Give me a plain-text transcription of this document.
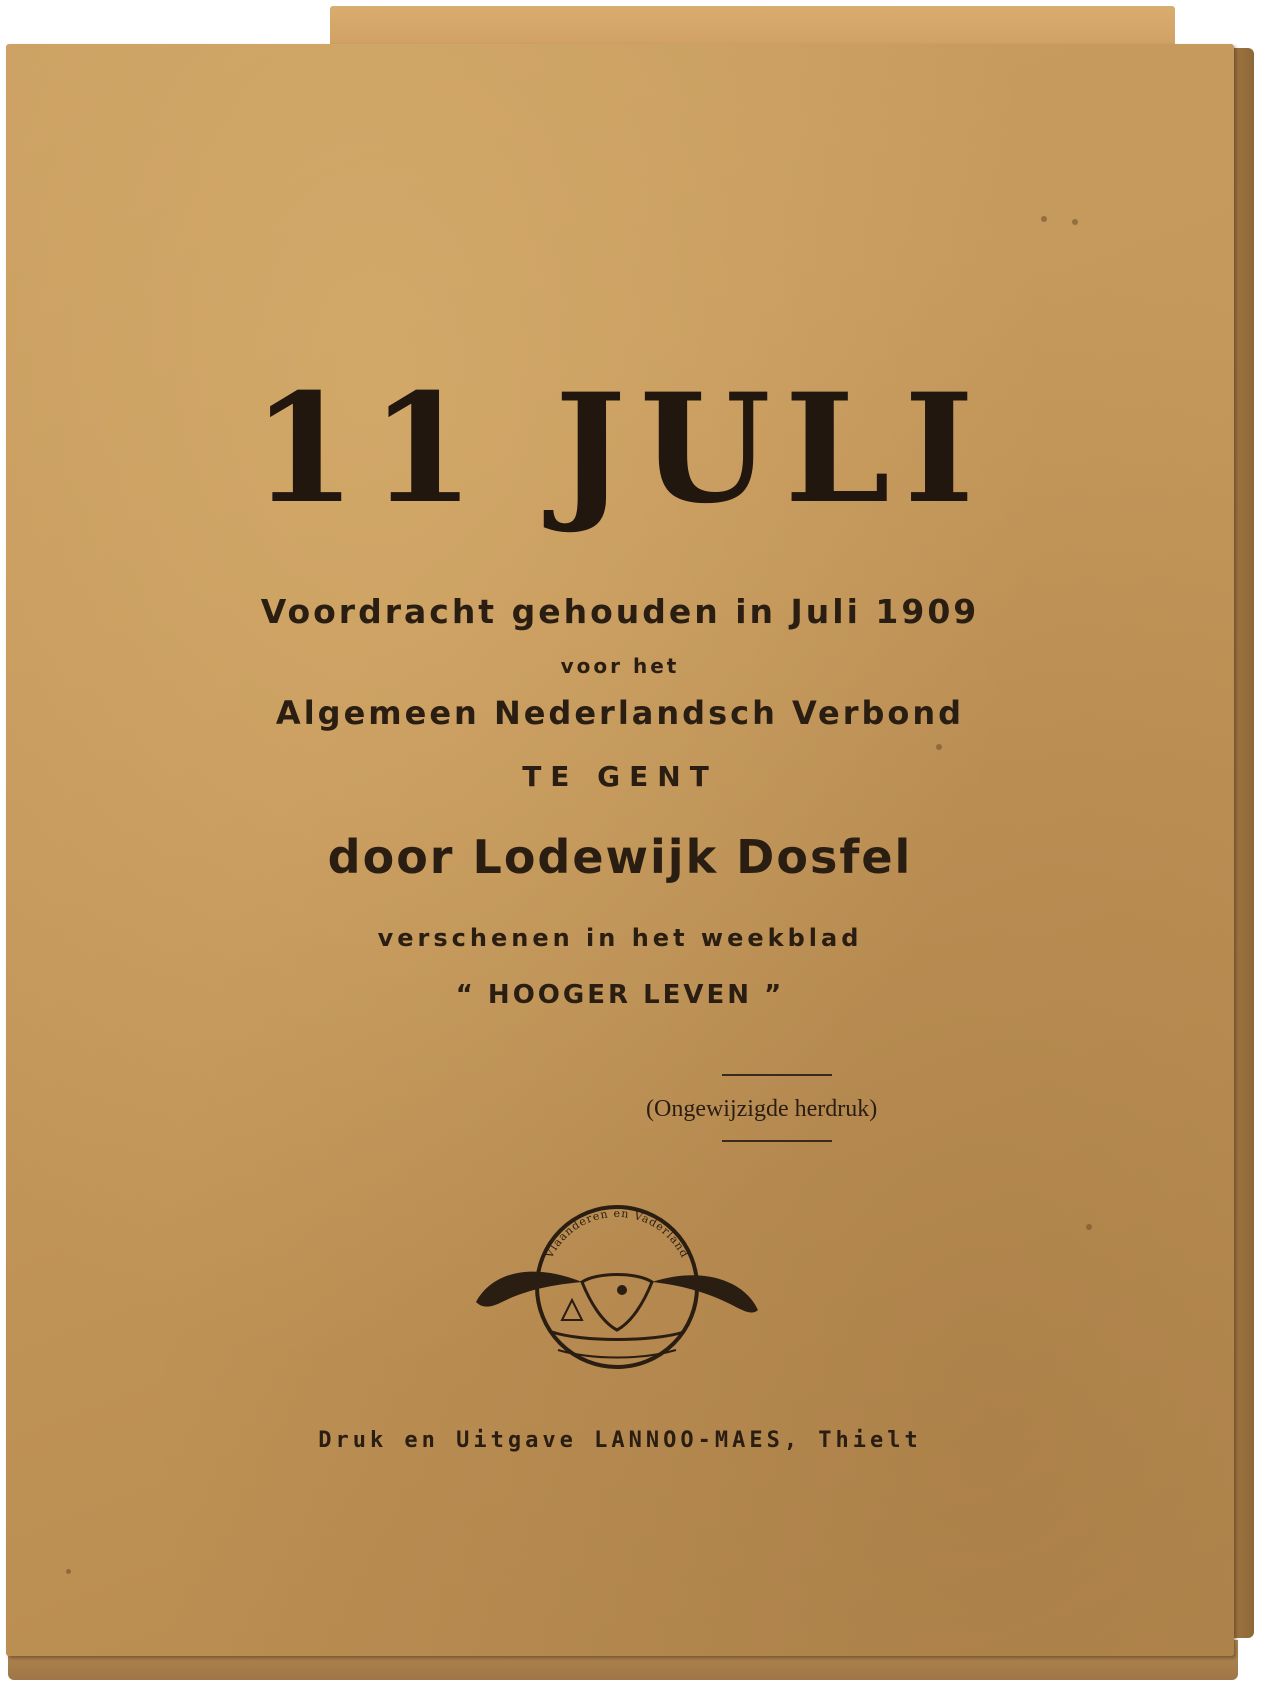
11 JULI
Voordracht gehouden in Juli 1909
voor het
Algemeen Nederlandsch Verbond
TE GENT
door Lodewijk Dosfel
verschenen in het weekblad
“ HOOGER LEVEN ”
(Ongewijzigde herdruk)
Vlaanderen en Vaderland
Druk en Uitgave LANNOO-MAES, Thielt
